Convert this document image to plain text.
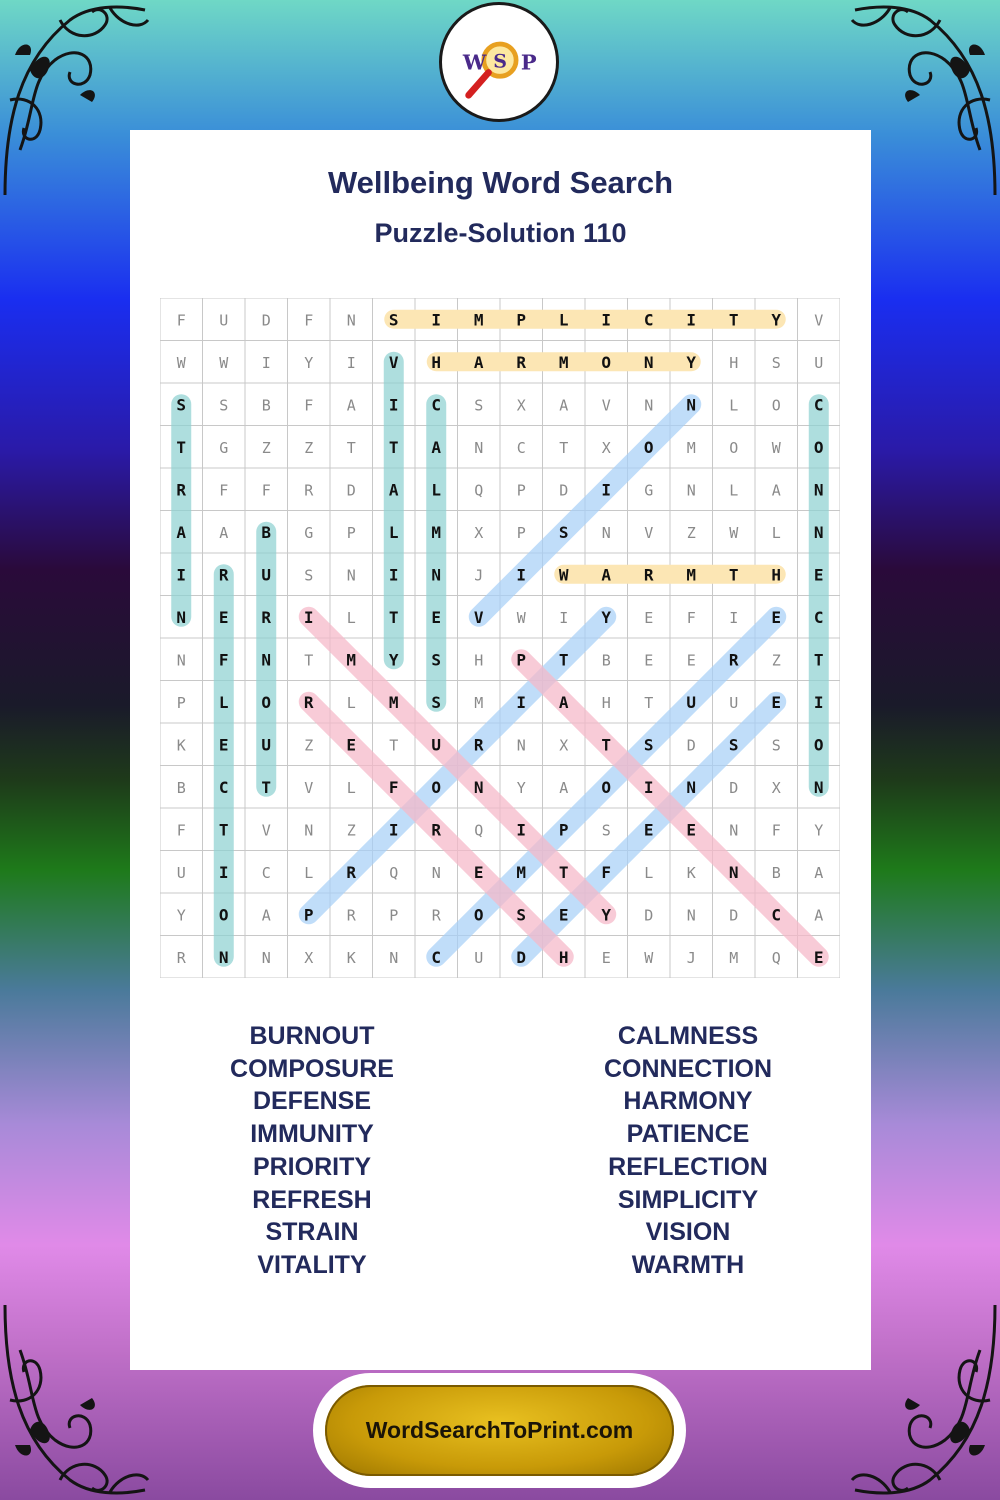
W S P
Wellbeing Word Search
Puzzle-Solution 110
F U D F N S I M P L I C I T Y V
W W I Y I V H A R M O N Y H S U
S S B F A I C S X A V N N L O C
T G Z Z T T A N C T X O M O W O
R F F R D A L Q P D I G N L A N
A A B G P L M X P S N V Z W L N
I R U S N I N J I W A R M T H E
N E R I L T E V W I Y E F I E C
N F N T M Y S H P T B E E R Z T
P L O R L M S M I A H T U U E I
K E U Z E T U R N X T S D S S O
B C T V L F O N Y A O I N D X N
F T V N Z I R Q I P S E E N F Y
U I C L R Q N E M T F L K N B A
Y O A P R P R O S E Y D N D C A
R N N X K N C U D H E W J M Q E
BURNOUT
COMPOSURE
DEFENSE
IMMUNITY
PRIORITY
REFRESH
STRAIN
VITALITY
CALMNESS
CONNECTION
HARMONY
PATIENCE
REFLECTION
SIMPLICITY
VISION
WARMTH
WordSearchToPrint.com
